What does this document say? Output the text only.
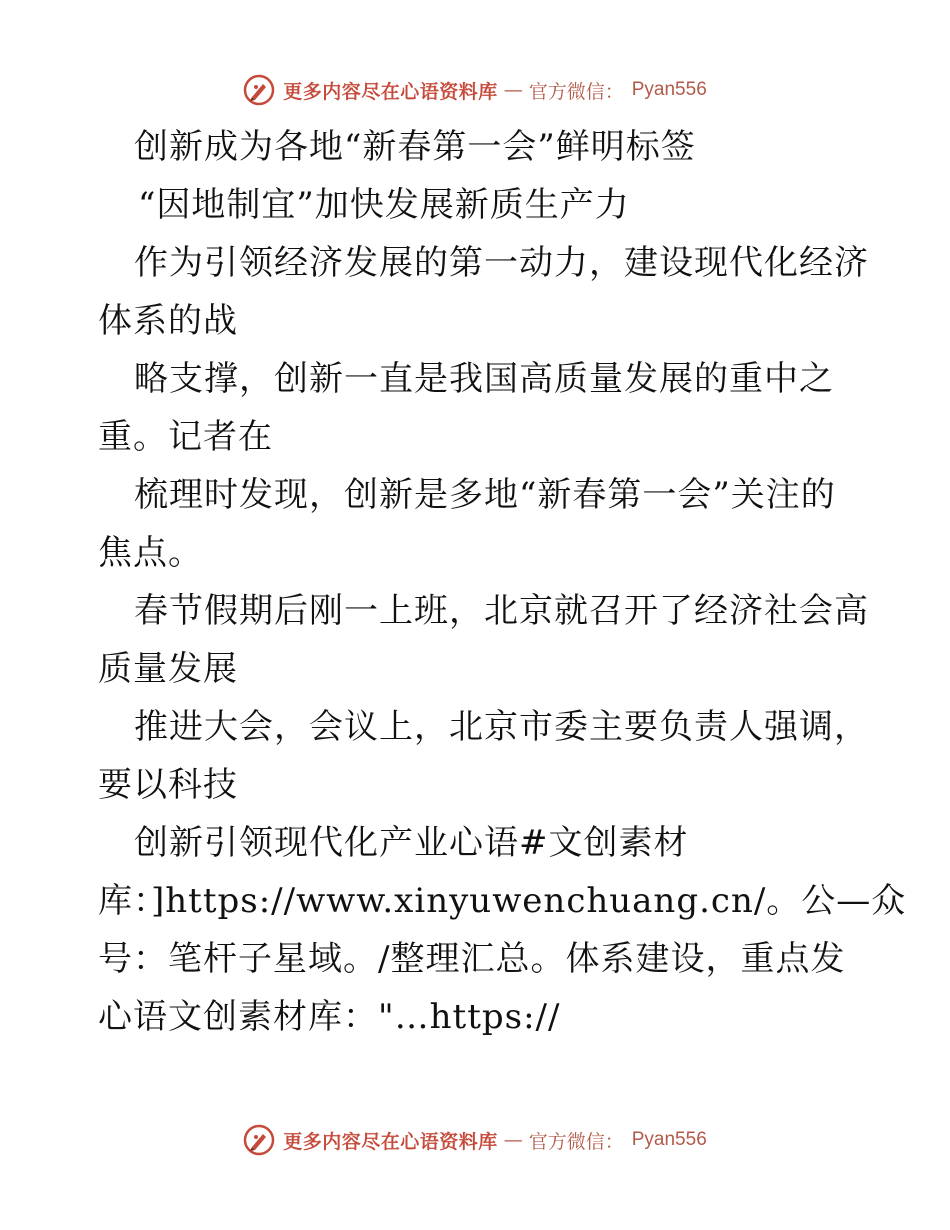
更多内容尽在心语资料库 — 官方微信： Pyan556
创新成为各地“新春第一会”鲜明标签
“因地制宜”加快发展新质生产力
作为引领经济发展的第一动力，建设现代化经济
体系的战
略支撑，创新一直是我国高质量发展的重中之
重。记者在
梳理时发现，创新是多地“新春第一会”关注的
焦点。
春节假期后刚一上班，北京就召开了经济社会高
质量发展
推进大会，会议上，北京市委主要负责人强调，
要以科技
创新引领现代化产业心语#文创素材
库：]https://www.xinyuwenchuang.cn/。公—众
号：笔杆子星域。/整理汇总。体系建设，重点发
心语文创素材库："…https://
更多内容尽在心语资料库 — 官方微信： Pyan556
